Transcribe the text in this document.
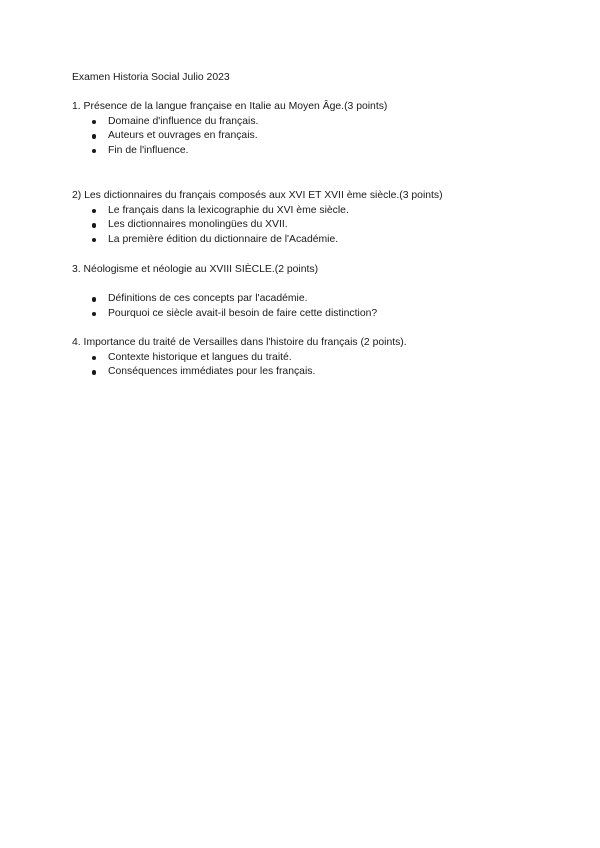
Examen Historia Social Julio 2023

1. Présence de la langue française en Italie au Moyen Âge.(3 points)

Domaine d'influence du français.
Auteurs et ouvrages en français.
Fin de l'influence.

2) Les dictionnaires du français composés aux XVI ET XVII ème siècle.(3 points)

Le français dans la lexicographie du XVI ème siècle.
Les dictionnaires monolingües du XVII.
La première édition du dictionnaire de l'Académie.

3. Néologisme et néologie au XVIII SIÈCLE.(2 points)

Définitions de ces concepts par l'académie.
Pourquoi ce siècle avait-il besoin de faire cette distinction?

4. Importance du traité de Versailles dans l'histoire du français (2 points).

Contexte historique et langues du traité.
Conséquences immédiates pour les français.
